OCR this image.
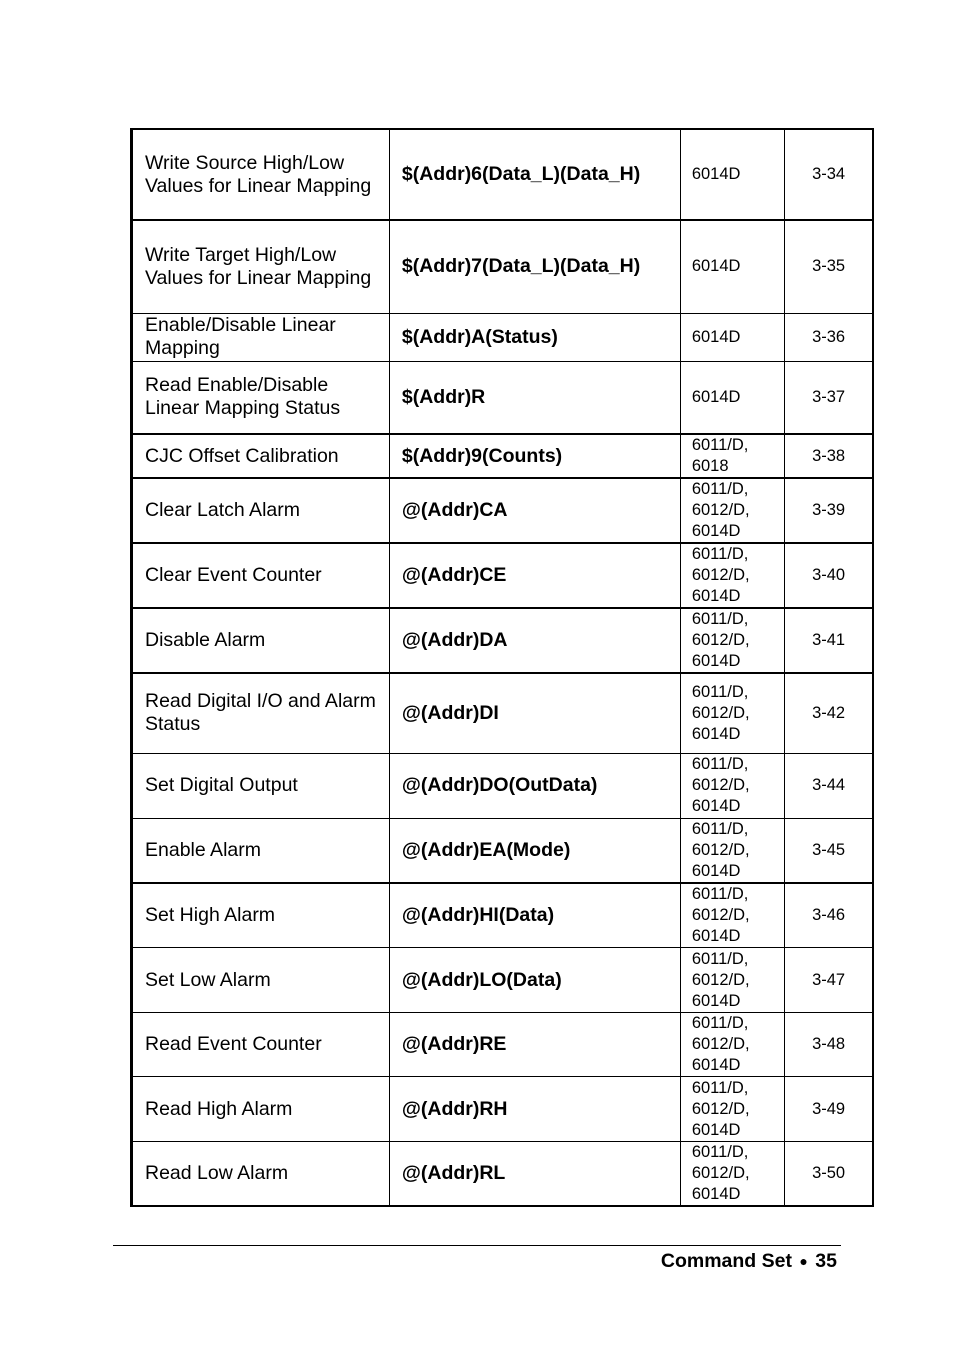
Write Source High/Low Values for Linear Mapping	$(Addr)6(Data_L)(Data_H)	6014D	3-34
Write Target High/Low Values for Linear Mapping	$(Addr)7(Data_L)(Data_H)	6014D	3-35
Enable/Disable Linear Mapping	$(Addr)A(Status)	6014D	3-36
Read Enable/Disable Linear Mapping Status	$(Addr)R	6014D	3-37
CJC Offset Calibration	$(Addr)9(Counts)	6011/D, 6018	3-38
Clear Latch Alarm	@(Addr)CA	6011/D, 6012/D, 6014D	3-39
Clear Event Counter	@(Addr)CE	6011/D, 6012/D, 6014D	3-40
Disable Alarm	@(Addr)DA	6011/D, 6012/D, 6014D	3-41
Read Digital I/O and Alarm Status	@(Addr)DI	6011/D, 6012/D, 6014D	3-42
Set Digital Output	@(Addr)DO(OutData)	6011/D, 6012/D, 6014D	3-44
Enable Alarm	@(Addr)EA(Mode)	6011/D, 6012/D, 6014D	3-45
Set High Alarm	@(Addr)HI(Data)	6011/D, 6012/D, 6014D	3-46
Set Low Alarm	@(Addr)LO(Data)	6011/D, 6012/D, 6014D	3-47
Read Event Counter	@(Addr)RE	6011/D, 6012/D, 6014D	3-48
Read High Alarm	@(Addr)RH	6011/D, 6012/D, 6014D	3-49
Read Low Alarm	@(Addr)RL	6011/D, 6012/D, 6014D	3-50
Command Set ● 35
